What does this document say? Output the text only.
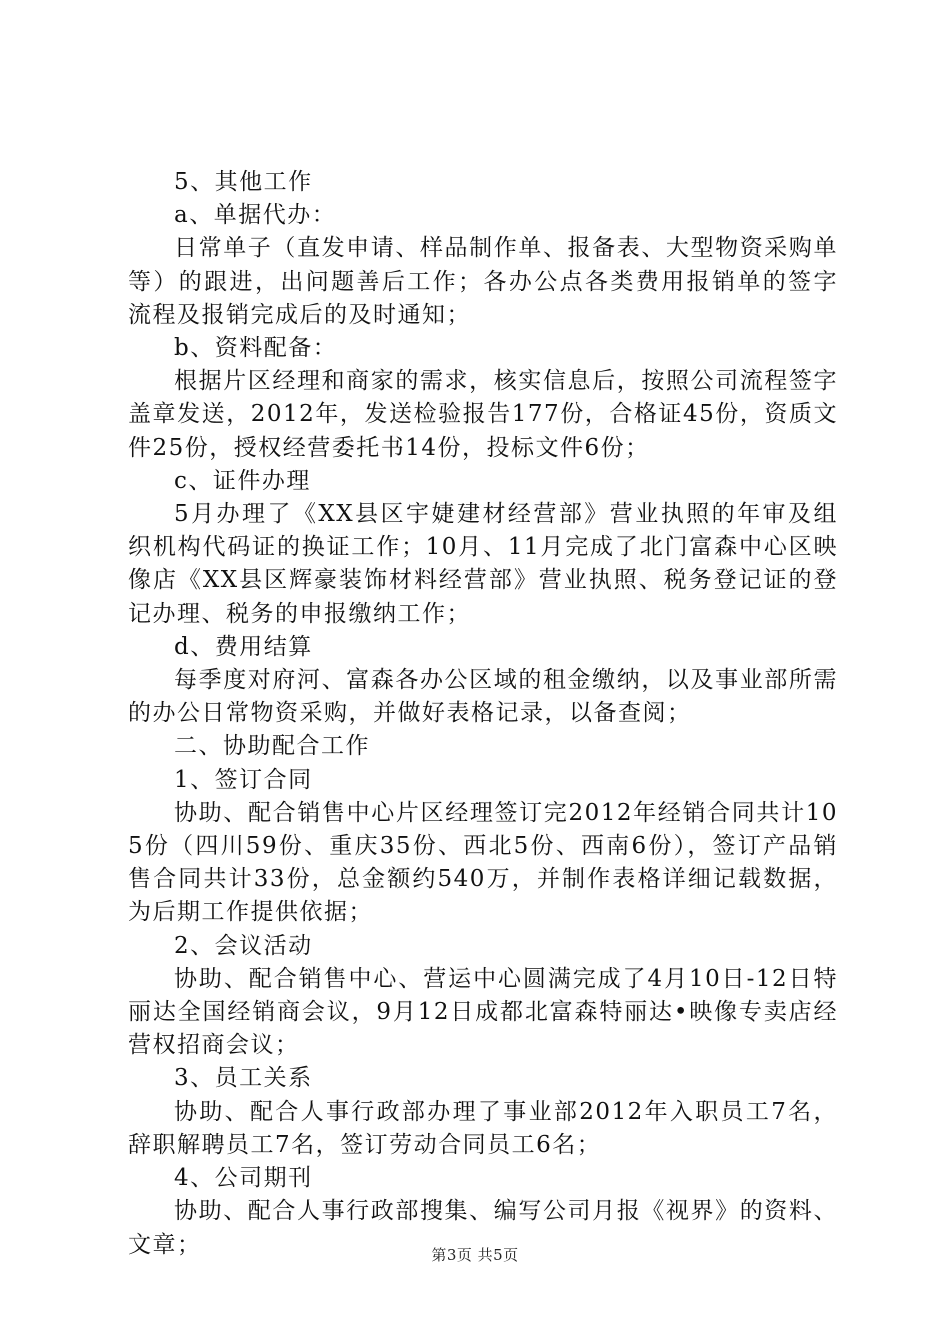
5、其他工作

a、单据代办：

日常单子（直发申请、样品制作单、报备表、大型物资采购单等）的跟进，出问题善后工作；各办公点各类费用报销单的签字流程及报销完成后的及时通知；

b、资料配备：

根据片区经理和商家的需求，核实信息后，按照公司流程签字盖章发送，2012年，发送检验报告177份，合格证45份，资质文件25份，授权经营委托书14份，投标文件6份；

c、证件办理

5月办理了《XX县区宇婕建材经营部》营业执照的年审及组织机构代码证的换证工作；10月、11月完成了北门富森中心区映像店《XX县区辉豪装饰材料经营部》营业执照、税务登记证的登记办理、税务的申报缴纳工作；

d、费用结算

每季度对府河、富森各办公区域的租金缴纳，以及事业部所需的办公日常物资采购，并做好表格记录，以备查阅；

二、协助配合工作

1、签订合同

协助、配合销售中心片区经理签订完2012年经销合同共计105份（四川59份、重庆35份、西北5份、西南6份），签订产品销售合同共计33份，总金额约540万，并制作表格详细记载数据，为后期工作提供依据；

2、会议活动

协助、配合销售中心、营运中心圆满完成了4月10日-12日特丽达全国经销商会议，9月12日成都北富森特丽达•映像专卖店经营权招商会议；

3、员工关系

协助、配合人事行政部办理了事业部2012年入职员工7名，辞职解聘员工7名，签订劳动合同员工6名；

4、公司期刊

协助、配合人事行政部搜集、编写公司月报《视界》的资料、文章；	第3页 共5页
